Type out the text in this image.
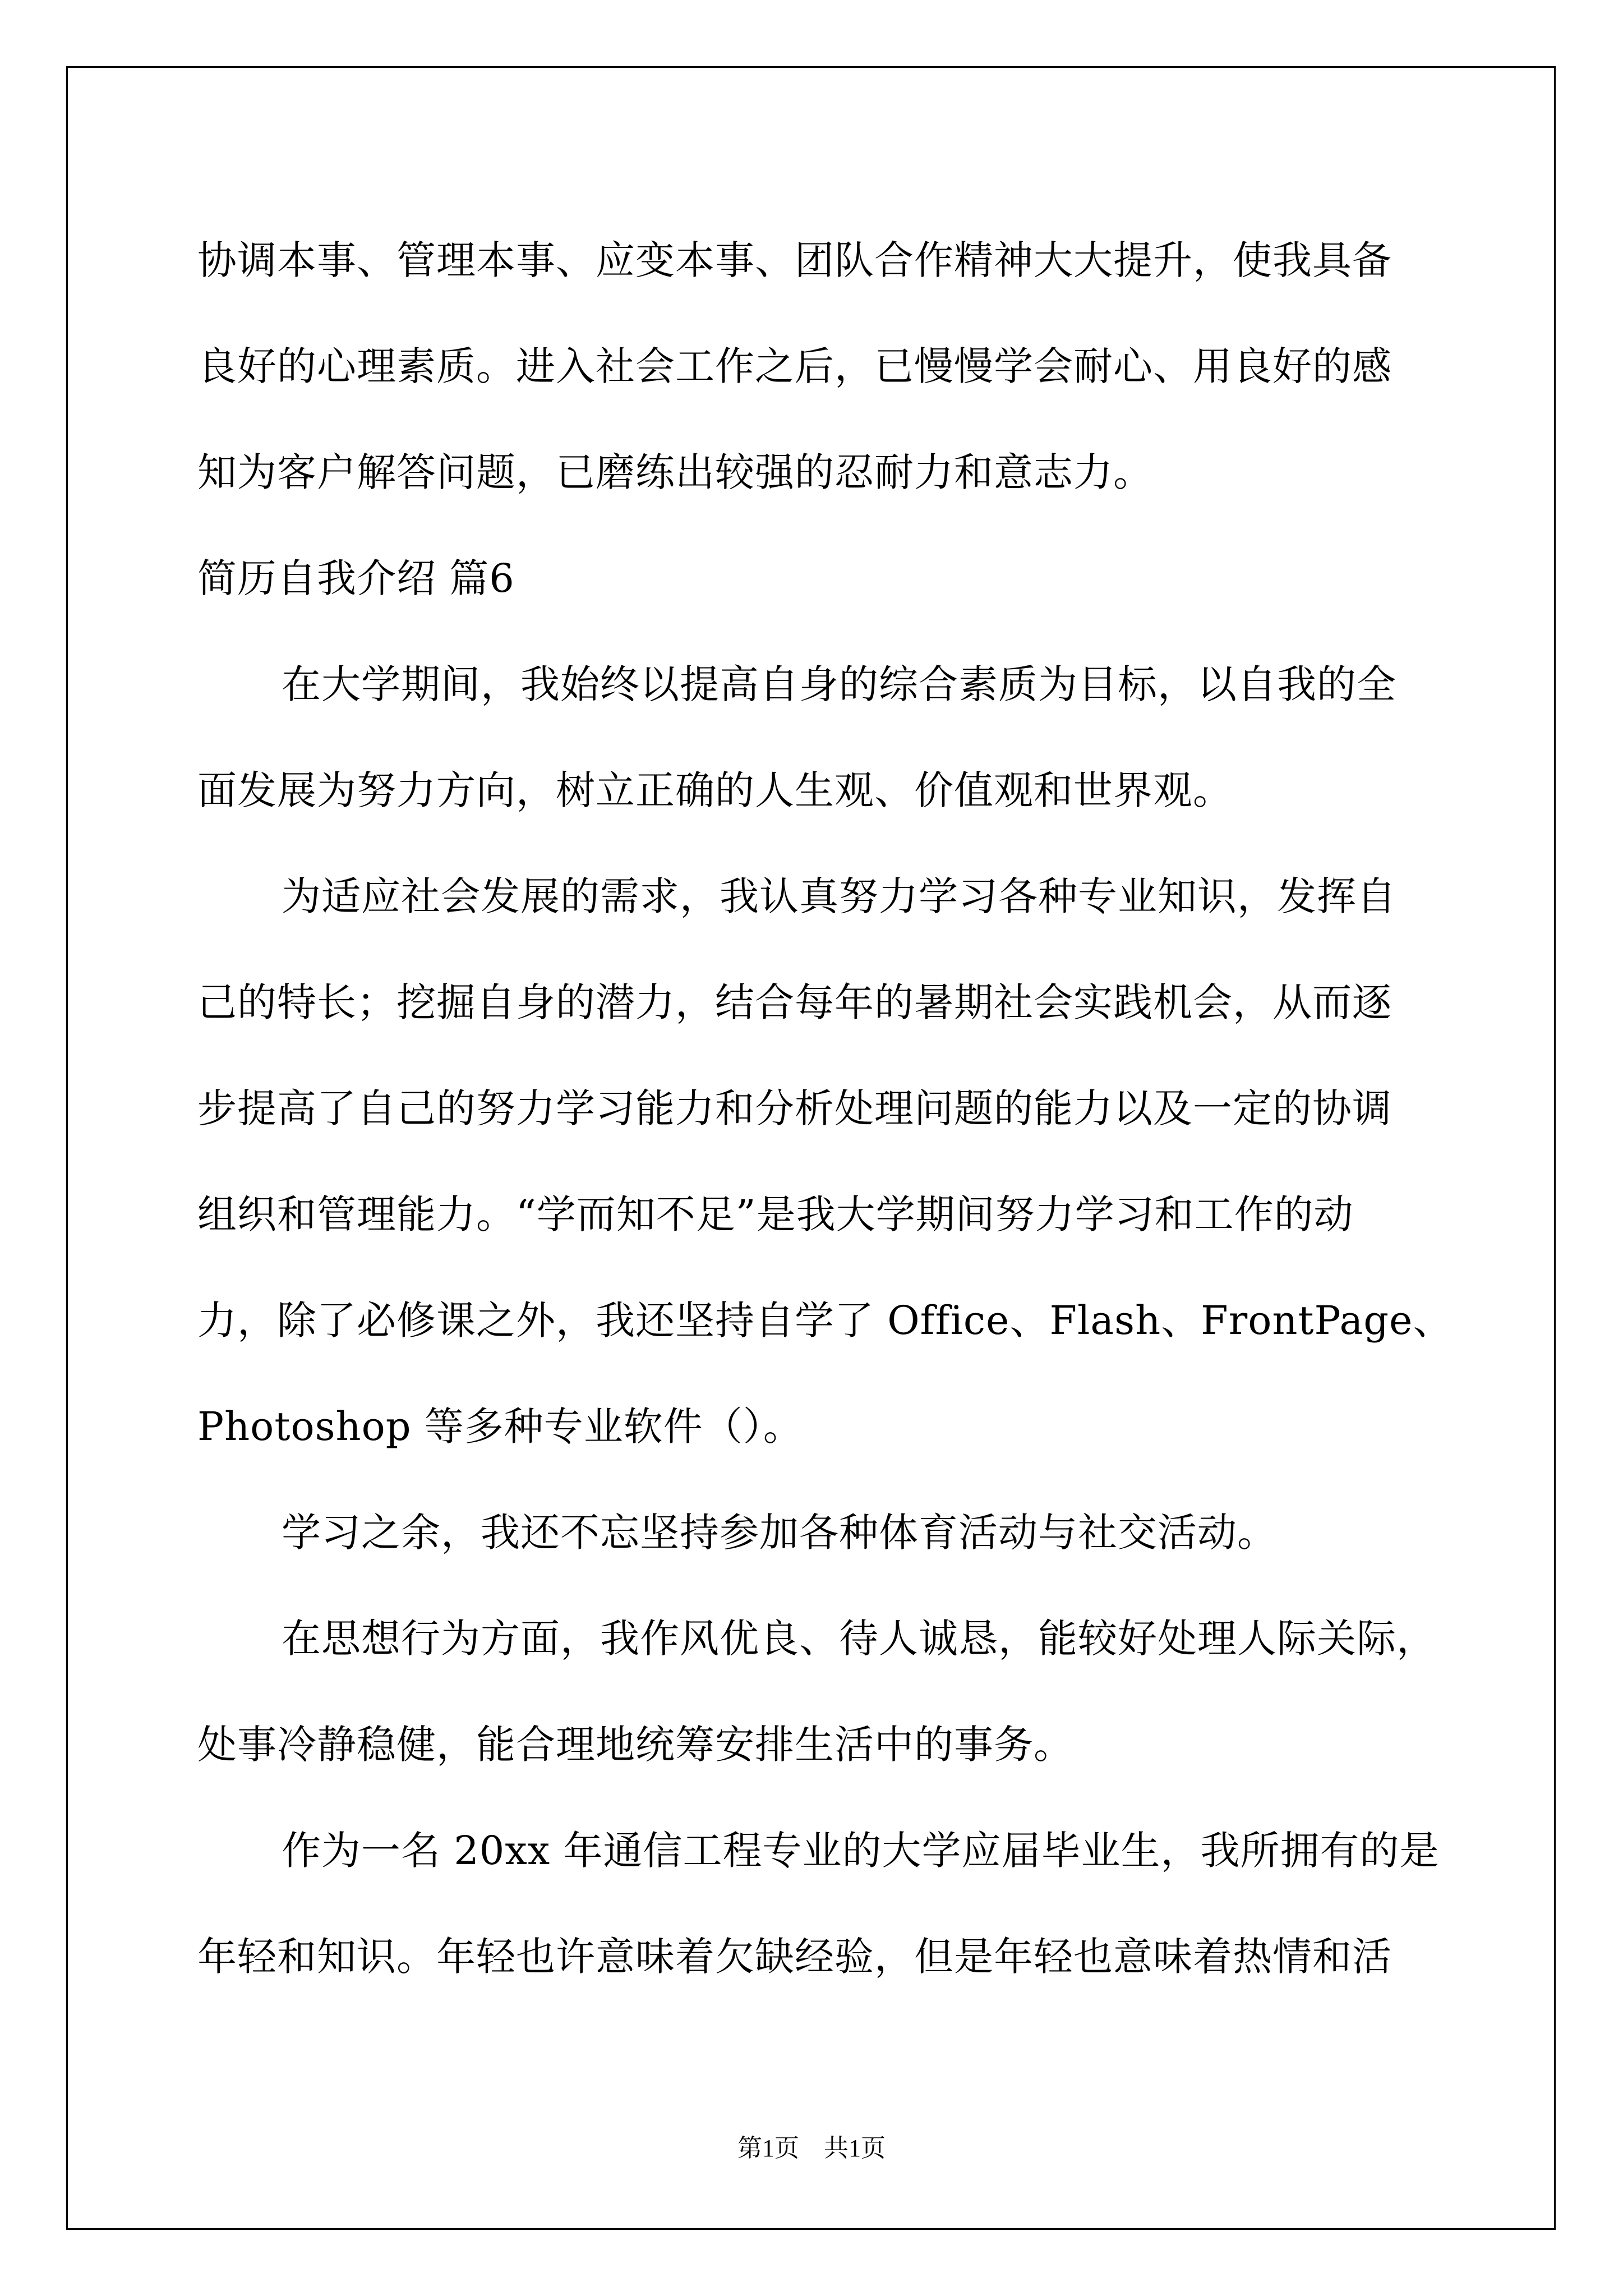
协调本事、管理本事、应变本事、团队合作精神大大提升，使我具备
良好的心理素质。进入社会工作之后，已慢慢学会耐心、用良好的感
知为客户解答问题，已磨练出较强的忍耐力和意志力。
简历自我介绍 篇6
在大学期间，我始终以提高自身的综合素质为目标，以自我的全
面发展为努力方向，树立正确的人生观、价值观和世界观。
为适应社会发展的需求，我认真努力学习各种专业知识，发挥自
己的特长；挖掘自身的潜力，结合每年的暑期社会实践机会，从而逐
步提高了自己的努力学习能力和分析处理问题的能力以及一定的协调
组织和管理能力。“学而知不足”是我大学期间努力学习和工作的动
力，除了必修课之外，我还坚持自学了 Office、Flash、FrontPage、
Photoshop 等多种专业软件（）。
学习之余，我还不忘坚持参加各种体育活动与社交活动。
在思想行为方面，我作风优良、待人诚恳，能较好处理人际关际，
处事冷静稳健，能合理地统筹安排生活中的事务。
作为一名 20xx 年通信工程专业的大学应届毕业生，我所拥有的是
年轻和知识。年轻也许意味着欠缺经验，但是年轻也意味着热情和活
第1页 共1页
